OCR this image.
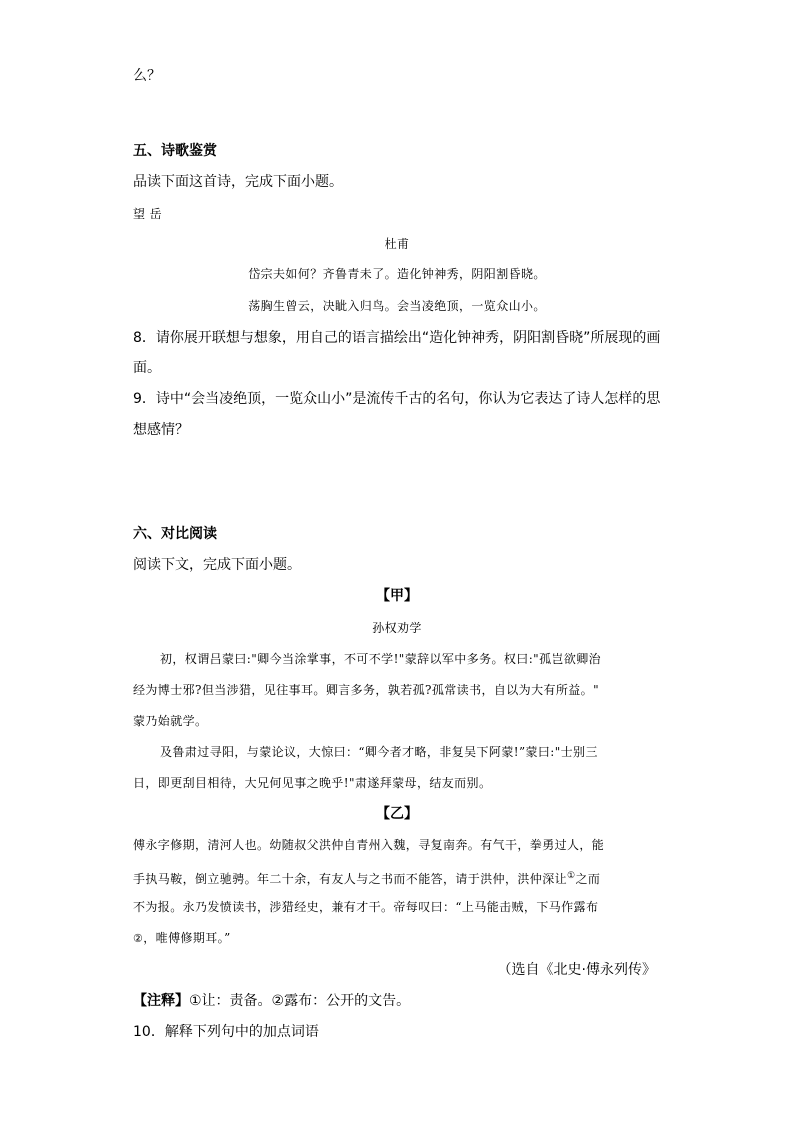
么？
五、诗歌鉴赏
品读下面这首诗，完成下面小题。
望 岳
杜甫
岱宗夫如何？齐鲁青未了。造化钟神秀，阴阳割昏晓。
荡胸生曾云，决眦入归鸟。会当凌绝顶，一览众山小。
8．请你展开联想与想象，用自己的语言描绘出“造化钟神秀，阴阳割昏晓”所展现的画
面。
9．诗中“会当凌绝顶，一览众山小”是流传千古的名句，你认为它表达了诗人怎样的思
想感情？
六、对比阅读
阅读下文，完成下面小题。
【甲】
孙权劝学
初，权谓吕蒙曰:"卿今当涂掌事，不可不学!"蒙辞以军中多务。权曰:"孤岂欲卿治
经为博士邪?但当涉猎，见往事耳。卿言多务，孰若孤?孤常读书，自以为大有所益。"
蒙乃始就学。
及鲁肃过寻阳，与蒙论议，大惊曰：“卿今者才略，非复吴下阿蒙!”蒙曰:"士别三
日，即更刮目相待，大兄何见事之晚乎!"肃遂拜蒙母，结友而别。
【乙】
傅永字修期，清河人也。幼随叔父洪仲自青州入魏，寻复南奔。有气干，拳勇过人，能
手执马鞍，倒立驰骋。年二十余，有友人与之书而不能答，请于洪仲，洪仲深让①之而
不为报。永乃发愤读书，涉猎经史，兼有才干。帝每叹曰：“上马能击贼，下马作露布
②，唯傅修期耳。”
（选自《北史·傅永列传》
【注释】①让：责备。②露布：公开的文告。
10．解释下列句中的加点词语
